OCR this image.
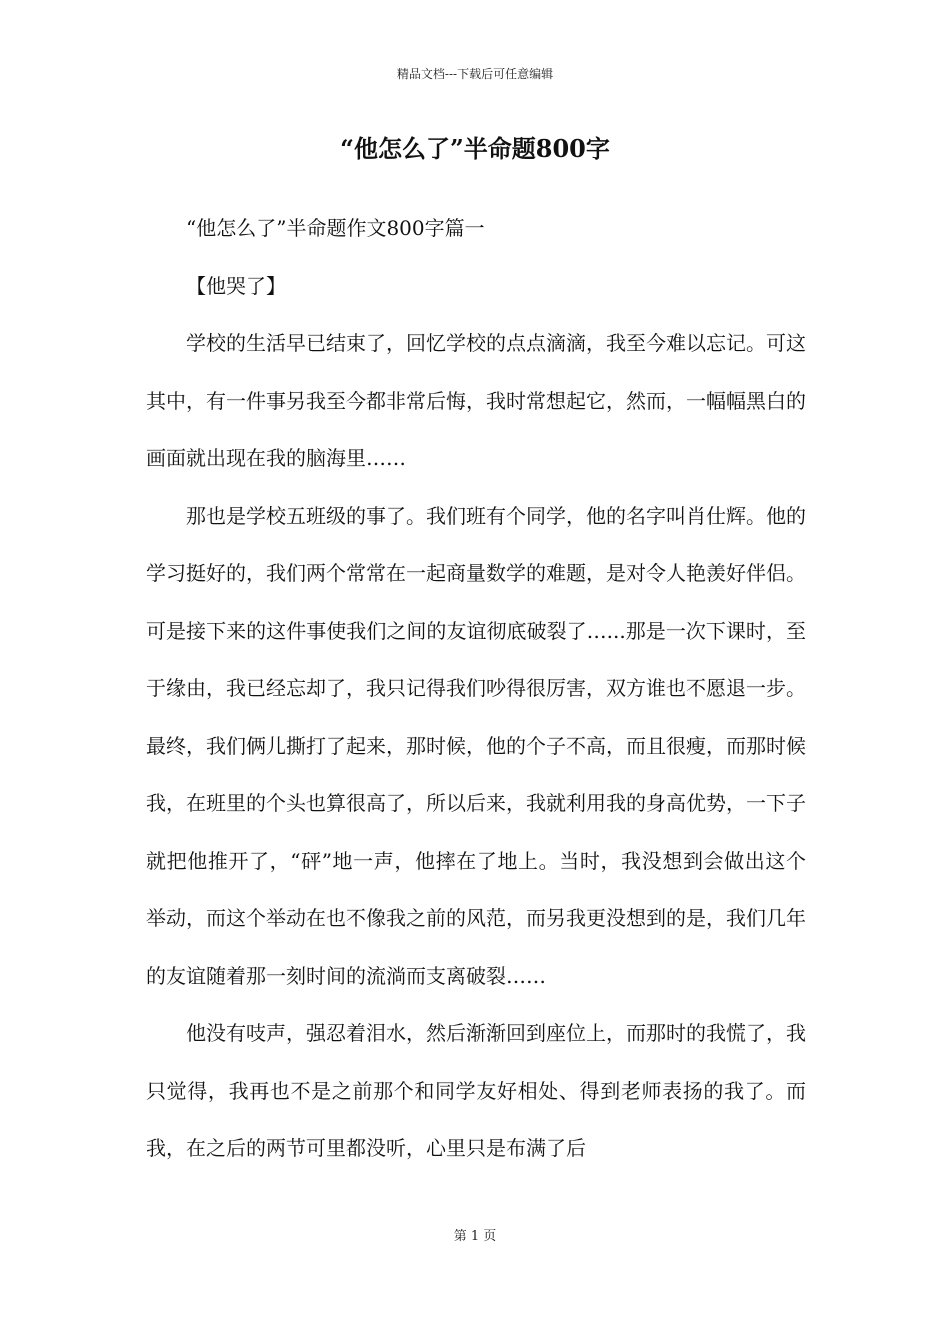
精品文档---下载后可任意编辑
“他怎么了”半命题800字

“他怎么了”半命题作文800字篇一

【他哭了】

学校的生活早已结束了，回忆学校的点点滴滴，我至今难以忘记。可这其中，有一件事另我至今都非常后悔，我时常想起它，然而，一幅幅黑白的画面就出现在我的脑海里……

那也是学校五班级的事了。我们班有个同学，他的名字叫肖仕辉。他的学习挺好的，我们两个常常在一起商量数学的难题，是对令人艳羡好伴侣。可是接下来的这件事使我们之间的友谊彻底破裂了…...那是一次下课时，至于缘由，我已经忘却了，我只记得我们吵得很厉害，双方谁也不愿退一步。最终，我们俩儿撕打了起来，那时候，他的个子不高，而且很瘦，而那时候我，在班里的个头也算很高了，所以后来，我就利用我的身高优势，一下子就把他推开了，“砰”地一声，他摔在了地上。当时，我没想到会做出这个举动，而这个举动在也不像我之前的风范，而另我更没想到的是，我们几年的友谊随着那一刻时间的流淌而支离破裂……

他没有吱声，强忍着泪水，然后渐渐回到座位上，而那时的我慌了，我只觉得，我再也不是之前那个和同学友好相处、得到老师表扬的我了。而我，在之后的两节可里都没听，心里只是布满了后

第 1 页
